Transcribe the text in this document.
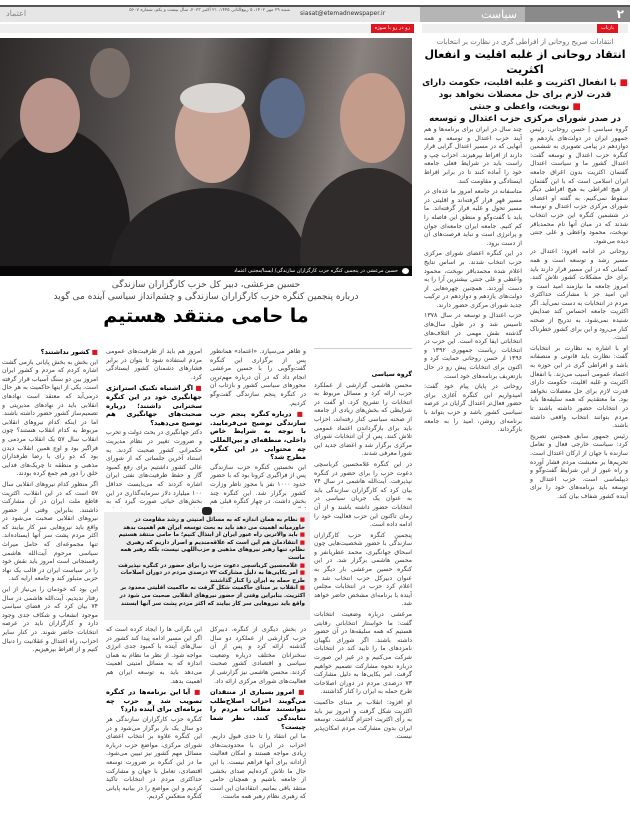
۲
سیاست
siasat@etemadnewspaper.ir
شنبه ۲۹ مهر ۱۴۰۲، ۵ ربیع‌الثانی ۱۴۴۵، ۲۱ اکتبر ۲۰۲۳، سال بیست و یکم، شماره ۵۶۰۷
اعتماد
بازتاب
رو در رو با سوژه
حسین مرعشی در پنجمین کنگره حزب کارگزاران سازندگی/ ایسنا/مجتبی اعتماد
حسین مرعشی، دبیر کل حزب کارگزاران سازندگی
درباره پنجمین کنگره حزب کارگزاران سازندگی و چشم‌انداز سیاسی آینده می گوید
ما حامی منتقد هستیم

■ کشور نداشتند؟

این بخش به بخش پایانی بازمی گشت اشاره کردم که مردم و کشور ایران امروز بین دو سنگ آسیاب قرار گرفته است. یکی از اینها حاکمیت به هر حال درمی‌آید که معتقد است نهادهای انقلابی باید در نهادهای مدیریتی و تصمیم‌ساز کشور حضور داشته باشند. اما در اینکه کدام نیروهای انقلابی مربوط به کدام انقلاب هستند؟ چون انقلاب سال ۵۷ یک انقلاب مردمی و فراگیر بود و اوج همین انقلاب دیدن بود که دو رای با رضا طرفداران مذهبی و منطقه تا چریک‌های فدایی خلق را دور هم جمع کرده بودند.

اگر منظور کدام نیروهای انقلابی سال ۵۷ است که در این انقلاب، اکثریت قاطع ملت ایران در آن مشارکت داشتند. بنابراین وقتی از حضور نیروهای انقلابی صحبت می‌شود در واقع باید نیروهایی سر کار بیایند که اکثر مردم پشت سر آنها ایستاده‌اند. تنها مجموعه‌ای که حامل میراث سیاسی مرحوم آیت‌الله هاشمی رفسنجانی است امروز باید نقش خود را در سیاست ایران در قالب یک نهاد حزبی متبلور کند و جامعه ارایه کند.

این بود که خودمان را بی‌نیاز از این رفتار ندیدیم. آیت‌الله هاشمی در سال ۷۴ بیان کرد که در فضای سیاسی موجود انشعاب و شکاف جدی وجود دارد و کارگزاران باید در عرصه انتخابات حاضر شوند. در کنار سایر احزاب، راه اعتدال و عقلانیت را دنبال کنیم و از افراط بپرهیزیم.

امروز هم باید از ظرفیت‌های عمومی مردم استفاده شود تا بتوان در برابر فشارهای دشمنان کشور ایستادگی کرد.

■ اگر اشتباه تکنیک استراتژی جهانگیری خود در این کنگره سخنرانی داشتند؛ درباره صحبت‌های جهانگیری هم توضیح می‌دهید؟

دکتر جهانگیری در بحث دولت و تحرب و ضرورت تغییر در نظام مدیریت حکمرانی کشور صحبت کردند. به استناد آخرین جلساتی که از شورای عالی کشور داشتیم برای رفع کمبود گاز و حفظ ظرفیت‌های نفتی ایران اشاره کردند که می‌بایست حداقل ۱۰۰ میلیارد دلار سرمایه‌گذاری در این بخش‌های حیاتی صورت گیرد که به

این نگرانی ها را ایجاد کرده است که اگر این مسیر ادامه پیدا کند کشور در سال‌های آینده با کمبود جدی انرژی مواجه شود. از نظر ما نظام به همان اندازه که به مسائل امنیتی اهمیت می‌دهد باید به توسعه ایران هم اهمیت بدهد.

■ آیا این برنامه‌ها در کنگره تصویب شد و حزب چه برنامه‌ای برای آینده دارد؟

کنگره حزب کارگزاران سازندگی هر دو سال یک بار برگزار می‌شود و در این کنگره علاوه بر انتخاب اعضای شورای مرکزی، مواضع حزب درباره مسائل مهم کشور نیز تبیین می‌شود. ما در این کنگره بر ضرورت توسعه اقتصادی، تعامل با جهان و مشارکت حداکثری مردم در انتخابات تاکید کردیم و این مواضع را در بیانیه پایانی کنگره منعکس کردیم.

و ظاهر می‌سپارد. «اعتماد» همانطور پس از برگزاری این کنگره گفت‌وگویی را با حسین مرعشی انجام داد که در آن درباره مهم‌ترین محورهای سیاسی کشور و بازتاب آن در کنگره پنجم سازندگی گفت‌وگو کردیم.

■ درباره کنگره پنجم حزب سازندگی توضیح می‌فرمایید. با توجه به شرایط خاص داخلی، منطقه‌ای و بین‌المللی چه محتوایی در این کنگره مطرح شد؟

این نخستین کنگره حزب سازندگی پس از فراگیری کرونا بود که با حضور حدود ۱۰۰۰ نفر با مجوز ناظر وزارت کشور برگزار شد. این کنگره چند بخش داشت. در چهار کنگره قبلی هم

در بخش دیگری از کنگره، دبیرکل حزب گزارشی از عملکرد دو سال گذشته ارائه کرد و پس از آن سخنرانان مختلف درباره وضعیت سیاسی و اقتصادی کشور صحبت کردند. محسن هاشمی نیز گزارشی از فعالیت‌های شورای مرکزی ارائه داد.

■ امروز بسیاری از منتقدان می‌گویند احزاب اصلاح‌طلب نتوانستند مطالبات مردم را نمایندگی کنند. نظر شما چیست؟

ما این انتقاد را تا حدی قبول داریم. احزاب در ایران با محدودیت‌های زیادی مواجه هستند و امکان فعالیت آزادانه برای آنها فراهم نیست. با این حال ما تلاش کرده‌ایم صدای بخشی از جامعه باشیم و همچنان حامی منتقد باقی بمانیم. انتقادمان این است که رهبری نظام رهبر همه ماست.

گروه سیاسی

محسن هاشمی گزارشی از عملکرد حزب ارائه کرد و مسائل مربوط به انتخابات را تشریح کرد. او گفت در شرایطی که بخش‌های زیادی از جامعه از صحنه سیاسی کنار رفته‌اند، احزاب باید برای بازگرداندن اعتماد عمومی تلاش کنند. پس از آن انتخابات شورای مرکزی برگزار شد و اعضای جدید این شورا معرفی شدند.

در این کنگره غلامحسین کرباسچی دعوت حزب را برای حضور در کنگره نپذیرفت. آیت‌الله هاشمی در سال ۷۴ بیان کرد که کارگزاران سازندگی باید به عنوان یک جریان سیاسی در انتخابات حضور داشته باشند و از آن زمان تاکنون این حزب فعالیت خود را ادامه داده است.

پنجمین کنگره حزب کارگزاران سازندگی با حضور شخصیت‌هایی چون اسحاق جهانگیری، محمد عطریانفر و محسن هاشمی برگزار شد. در این کنگره حسین مرعشی بار دیگر به عنوان دبیرکل حزب انتخاب شد و اعلام کرد حزب در انتخابات مجلس آینده با برنامه‌ای مشخص حاضر خواهد شد.

مرعشی درباره وضعیت انتخابات گفت: ما خواستار انتخاباتی رقابتی هستیم که همه سلیقه‌ها در آن حضور داشته باشند. اگر شورای نگهبان نامزدهای ما را تایید کند در انتخابات شرکت می‌کنیم و در غیر این صورت درباره نحوه مشارکت تصمیم خواهیم گرفت. امر یکایی‌ها به دلیل مشارکت ۷۳ درصدی مردم در دوران اصلاحات طرح حمله به ایران را کنار گذاشتند.

او افزود: انقلاب بر مبنای حاکمیت اکثریت شکل گرفت و امروز نیز باید به رأی اکثریت احترام گذاشت. توسعه ایران بدون مشارکت مردم امکان‌پذیر نیست.

■ نظام به همان اندازه که به مسائل امنیتی و رشد مقاومت در خاورمیانه اهمیت می دهد باید به بحث توسعه ایران هم اهمیت بدهد
■ باید والاترین راه عبور ایران از ابتذال کنیم؛ ما حامی منتقد هستیم
■ انتقادمان هم این است که علاقه‌مندیم و اصرار داریم که رهبری نظام، تنها رهبر نیروهای مذهبی و حزب‌اللهی نیست، بلکه رهبر همه ماست
■ غلامحسین کرباسچی دعوت حزب را برای حضور در کنگره نپذیرفت
■ امر یکایی‌ها به دلیل مشارکت ۷۳ درصدی مردم در دوران اصلاحات طرح حمله به ایران را کنار گذاشتند
■ انقلاب بر مبنای حاکمیت شکل گرفت نه حاکمیت اقلیتی محدود بر اکثریت. بنابراین وقتی از حضور نیروهای انقلابی صحبت می شود در واقع باید نیروهایی سر کار بیایند که اکثر مردم پشت سر آنها ایستند
انتقادات صریح روحانی از افراطی گری در نظارت بر انتخابات
انتقاد روحانی از غلبه اقلیت و انفعال اکثریت
■ با انفعال اکثریت و غلبه اقلیت، حکومت دارای قدرت لازم برای حل معضلات نخواهد بود
■ نوبخت، واعظی و جنتی
در صدر شورای مرکزی حزب اعتدال و توسعه

گروه سیاسی | حسن روحانی، رئیس جمهور ایران در دولت‌های یازدهم و دوازدهم در پیامی تصویری به ششمین کنگره حزب اعتدال و توسعه گفت: اعتدال کشور ما و سیاست اعتدال گفتمان اکثریت بدون اغراق جامعه ایران اسلامی است که با این گفتمان از هیچ افراطی به هیچ افراطی دیگر سقوط نمی‌کنیم. به گفته او اعضای شورای مرکزی حزب اعتدال و توسعه در ششمین کنگره این حزب انتخاب شدند که در میان آنها نام محمدباقر نوبخت، محمود واعظی و علی جنتی دیده می‌شود.

روحانی در ادامه افزود: اعتدال در مسیر رشد و توسعه است و همه کسانی که در این مسیر قرار دارند باید برای حل مشکلات کشور تلاش کنند. امروز جامعه ما نیازمند امید است و این امید جز با مشارکت حداکثری مردم در انتخابات به دست نمی‌آید. اگر اکثریت جامعه احساس کند صدایش شنیده نمی‌شود، به تدریج از صحنه کنار می‌رود و این برای کشور خطرناک است.

او با اشاره به نظارت بر انتخابات گفت: نظارت باید قانونی و منصفانه باشد و افراطی گری در این حوزه به اعتماد عمومی آسیب می‌زند. با انفعال اکثریت و غلبه اقلیت، حکومت دارای قدرت لازم برای حل معضلات نخواهد بود. ما معتقدیم که همه سلیقه‌ها باید در انتخابات حضور داشته باشند تا مردم بتوانند انتخاب واقعی داشته باشند.

رئیس جمهور سابق همچنین تصریح کرد: سیاست خارجی فعال و تعامل سازنده با جهان از ارکان اعتدال است. تحریم‌ها بر معیشت مردم فشار آورده و راه عبور از این شرایط گفت‌وگو و دیپلماسی است. حزب اعتدال و توسعه باید برنامه‌های خود را برای آینده کشور شفاف بیان کند.

چند سال در ایران برای برنامه‌ها و هم آیند حزب اعتدال و توسعه و همه آنهایی که در مسیر اعتدال گرایی قرار دارند از افراط بپرهیزند. احزاب چپ و راست باید در شرایط فعلی جامعه خود را آماده کنند تا در برابر افراط ایستادگی و مقاومت کنند.

متاسفانه در جامعه امروز ما عده‌ای در مسیر قهر قرار گرفته‌اند و اقلیتی در مسیر تحول و غلبه قرار گرفته‌اند. ما باید با گفت‌وگو و منطق این فاصله را کم کنیم. جامعه ایران جامعه‌ای جوان و پرانرژی است و نباید فرصت‌های آن از دست برود.

در این کنگره اعضای شورای مرکزی حزب انتخاب شدند. بر اساس نتایج اعلام شده محمدباقر نوبخت، محمود واعظی و علی جنتی بیشترین آرا را به دست آوردند. همچنین چهره‌هایی از دولت‌های یازدهم و دوازدهم در ترکیب جدید شورای مرکزی حضور دارند.

حزب اعتدال و توسعه در سال ۱۳۷۸ تاسیس شد و در طول سال‌های گذشته نقش مهمی در ائتلاف‌های انتخاباتی ایفا کرده است. این حزب در انتخابات ریاست جمهوری ۱۳۹۲ و ۱۳۹۶ از حسن روحانی حمایت کرد و اکنون برای انتخابات پیش رو در حال بازتعریف برنامه‌های خود است.

روحانی در پایان پیام خود گفت: امیدواریم این کنگره آغازی برای حضور فعال‌تر اعتدال گرایان در عرصه سیاسی کشور باشد و حزب بتواند با برنامه‌ای روشن، امید را به جامعه بازگرداند.
